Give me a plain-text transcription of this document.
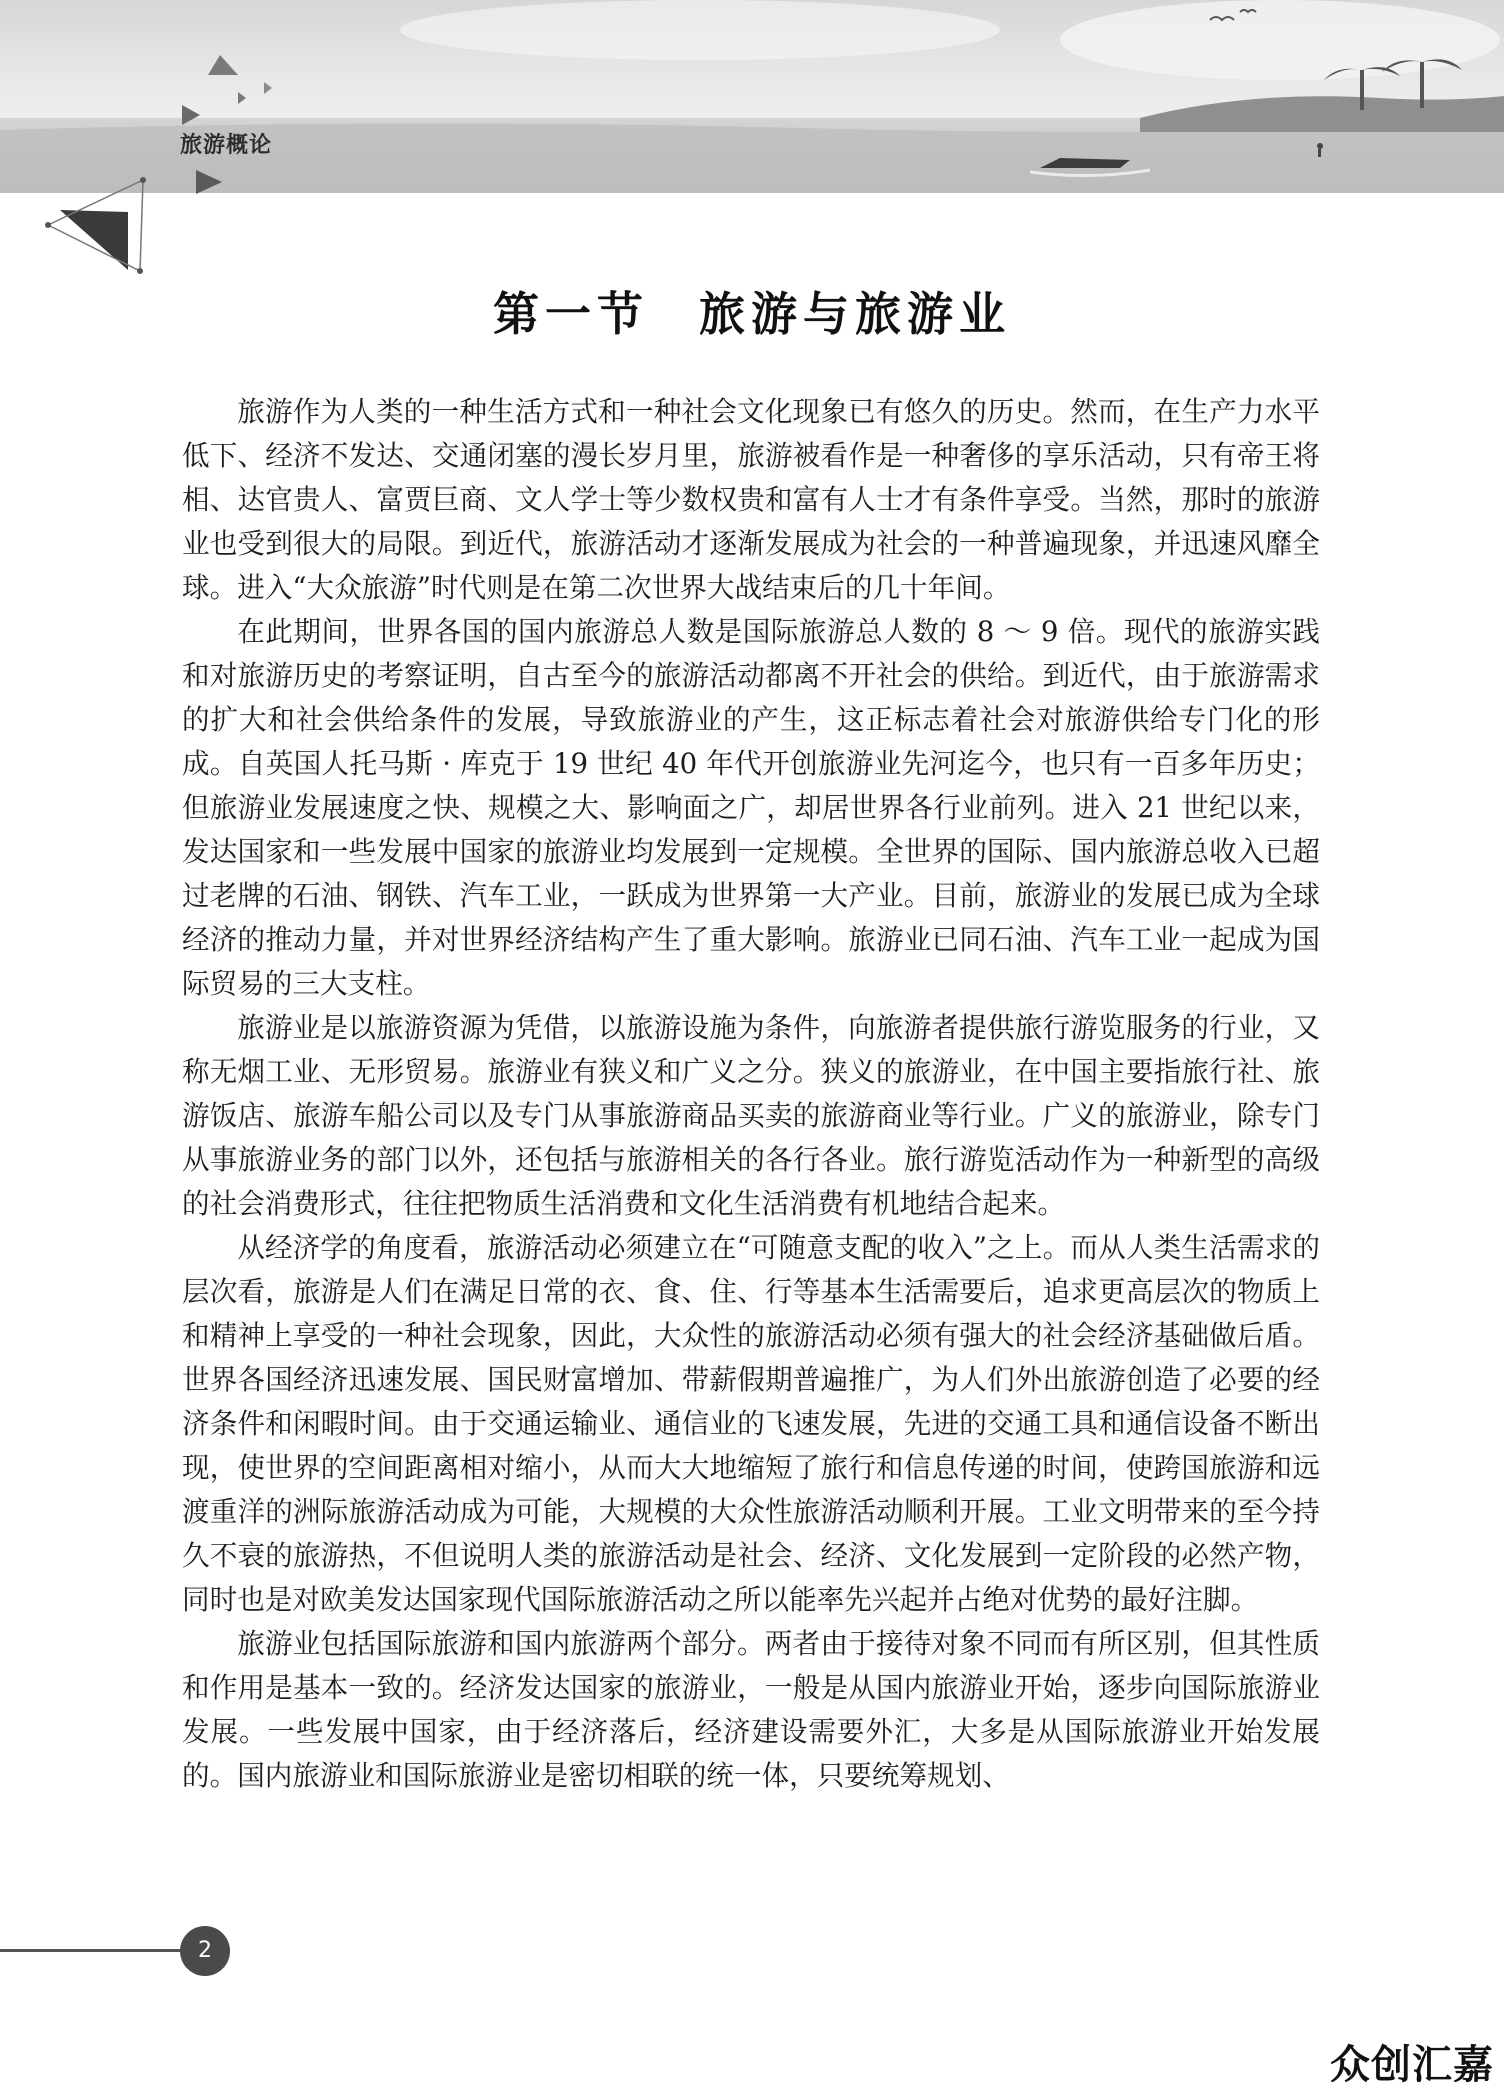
旅游概论
第一节 旅游与旅游业

旅游作为人类的一种生活方式和一种社会文化现象已有悠久的历史。然而，在生产力水平低下、经济不发达、交通闭塞的漫长岁月里，旅游被看作是一种奢侈的享乐活动，只有帝王将相、达官贵人、富贾巨商、文人学士等少数权贵和富有人士才有条件享受。当然，那时的旅游业也受到很大的局限。到近代，旅游活动才逐渐发展成为社会的一种普遍现象，并迅速风靡全球。进入“大众旅游”时代则是在第二次世界大战结束后的几十年间。

在此期间，世界各国的国内旅游总人数是国际旅游总人数的 8 ～ 9 倍。现代的旅游实践和对旅游历史的考察证明，自古至今的旅游活动都离不开社会的供给。到近代，由于旅游需求的扩大和社会供给条件的发展，导致旅游业的产生，这正标志着社会对旅游供给专门化的形成。自英国人托马斯 · 库克于 19 世纪 40 年代开创旅游业先河迄今，也只有一百多年历史；但旅游业发展速度之快、规模之大、影响面之广，却居世界各行业前列。进入 21 世纪以来，发达国家和一些发展中国家的旅游业均发展到一定规模。全世界的国际、国内旅游总收入已超过老牌的石油、钢铁、汽车工业，一跃成为世界第一大产业。目前，旅游业的发展已成为全球经济的推动力量，并对世界经济结构产生了重大影响。旅游业已同石油、汽车工业一起成为国际贸易的三大支柱。

旅游业是以旅游资源为凭借，以旅游设施为条件，向旅游者提供旅行游览服务的行业，又称无烟工业、无形贸易。旅游业有狭义和广义之分。狭义的旅游业，在中国主要指旅行社、旅游饭店、旅游车船公司以及专门从事旅游商品买卖的旅游商业等行业。广义的旅游业，除专门从事旅游业务的部门以外，还包括与旅游相关的各行各业。旅行游览活动作为一种新型的高级的社会消费形式，往往把物质生活消费和文化生活消费有机地结合起来。

从经济学的角度看，旅游活动必须建立在“可随意支配的收入”之上。而从人类生活需求的层次看，旅游是人们在满足日常的衣、食、住、行等基本生活需要后，追求更高层次的物质上和精神上享受的一种社会现象，因此，大众性的旅游活动必须有强大的社会经济基础做后盾。世界各国经济迅速发展、国民财富增加、带薪假期普遍推广，为人们外出旅游创造了必要的经济条件和闲暇时间。由于交通运输业、通信业的飞速发展，先进的交通工具和通信设备不断出现，使世界的空间距离相对缩小，从而大大地缩短了旅行和信息传递的时间，使跨国旅游和远渡重洋的洲际旅游活动成为可能，大规模的大众性旅游活动顺利开展。工业文明带来的至今持久不衰的旅游热，不但说明人类的旅游活动是社会、经济、文化发展到一定阶段的必然产物，同时也是对欧美发达国家现代国际旅游活动之所以能率先兴起并占绝对优势的最好注脚。

旅游业包括国际旅游和国内旅游两个部分。两者由于接待对象不同而有所区别，但其性质和作用是基本一致的。经济发达国家的旅游业，一般是从国内旅游业开始，逐步向国际旅游业发展。一些发展中国家，由于经济落后，经济建设需要外汇，大多是从国际旅游业开始发展的。国内旅游业和国际旅游业是密切相联的统一体，只要统筹规划、

2
众创汇嘉
